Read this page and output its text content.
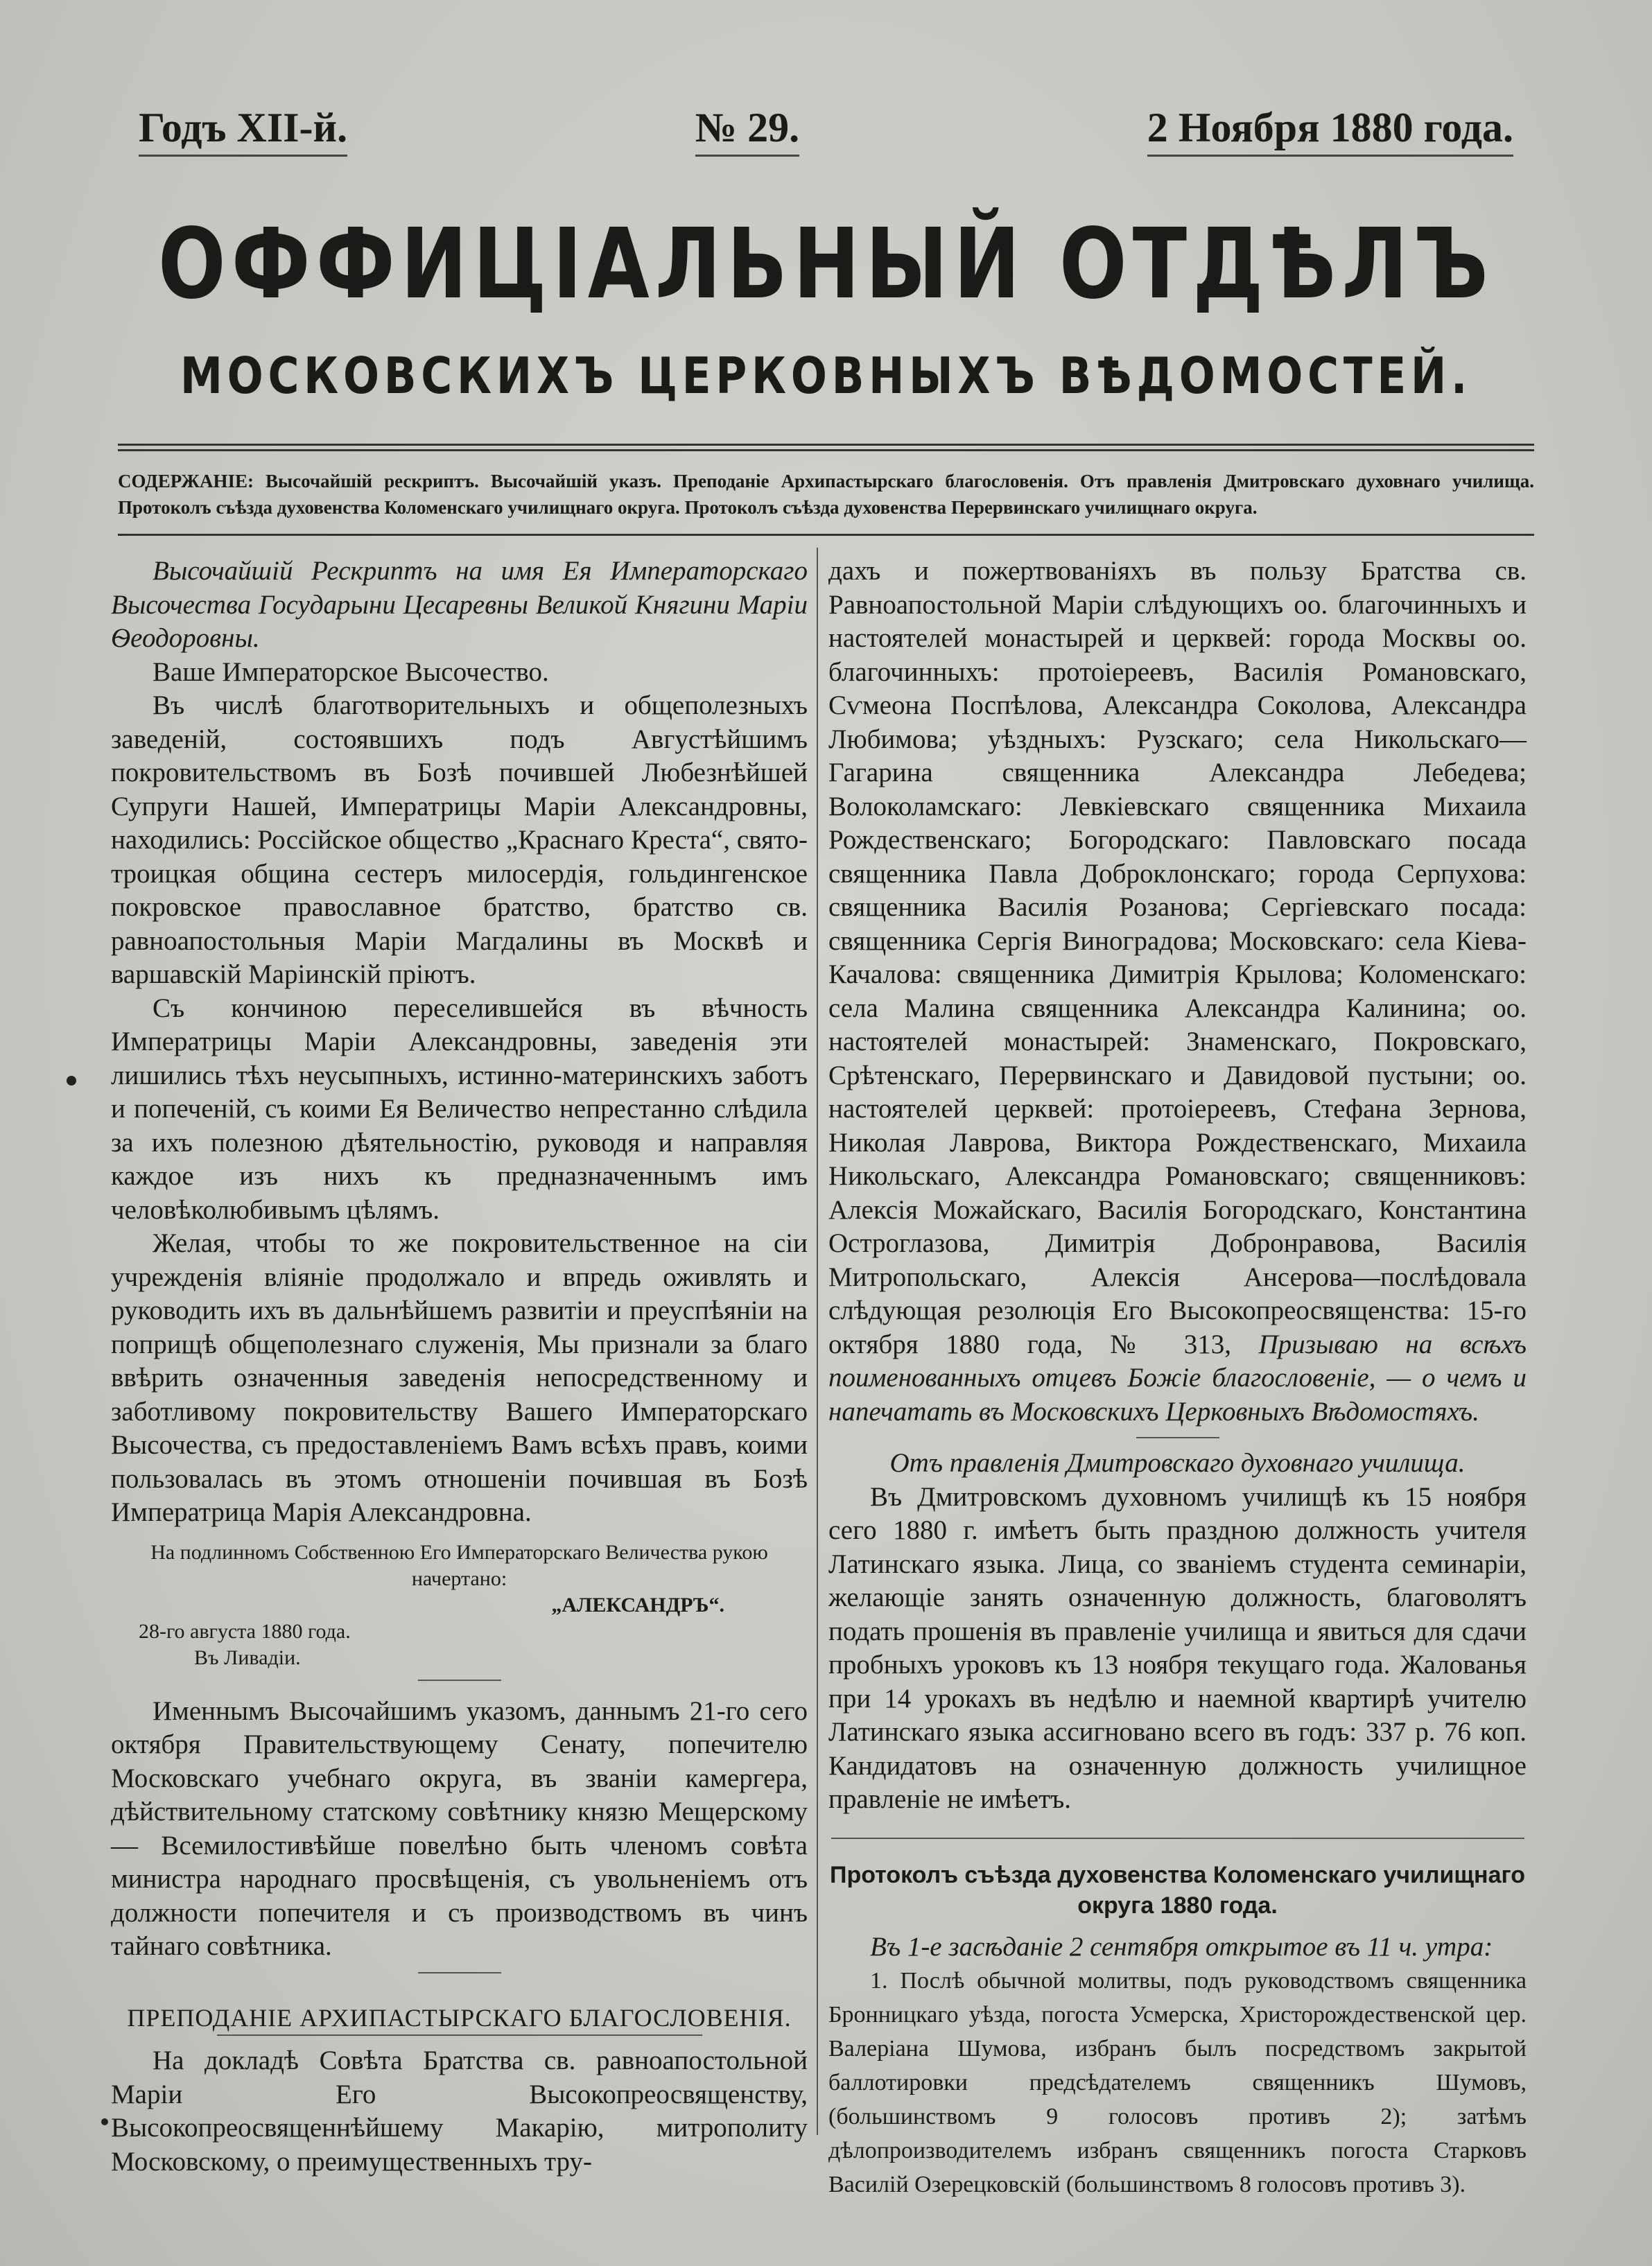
Годъ XII-й.	№ 29.	2 Ноября 1880 года.
ОФФИЦІАЛЬНЫЙ ОТДѢЛЪ
МОСКОВСКИХЪ ЦЕРКОВНЫХЪ ВѢДОМОСТЕЙ.
СОДЕРЖАНІЕ: Высочайшій рескриптъ. Высочайшій указъ. Преподаніе Архипастырскаго благословенія. Отъ правленія Дмитровскаго духовнаго училища. Протоколъ съѣзда духовенства Коломенскаго училищнаго округа. Протоколъ съѣзда духовенства Перервинскаго училищнаго округа.

Высочайшій Рескриптъ на имя Ея Императорскаго Высочества Государыни Цесаревны Великой Княгини Маріи Ѳеодоровны.

Ваше Императорское Высочество.

Въ числѣ благотворительныхъ и общеполезныхъ заведеній, состоявшихъ подъ Августѣйшимъ покровительствомъ въ Бозѣ почившей Любезнѣйшей Супруги Нашей, Императрицы Маріи Александровны, находились: Россійское общество „Краснаго Креста“, свято-троицкая община сестеръ милосердія, гольдингенское покровское православное братство, братство св. равноапостольныя Маріи Магдалины въ Москвѣ и варшавскій Маріинскій пріютъ.

Съ кончиною переселившейся въ вѣчность Императрицы Маріи Александровны, заведенія эти лишились тѣхъ неусыпныхъ, истинно-материнскихъ заботъ и попеченій, съ коими Ея Величество непрестанно слѣдила за ихъ полезною дѣятельностію, руководя и направляя каждое изъ нихъ къ предназначеннымъ имъ человѣколюбивымъ цѣлямъ.

Желая, чтобы то же покровительственное на сіи учрежденія вліяніе продолжало и впредь оживлять и руководить ихъ въ дальнѣйшемъ развитіи и преуспѣяніи на поприщѣ общеполезнаго служенія, Мы признали за благо ввѣрить означенныя заведенія непосредственному и заботливому покровительству Вашего Императорскаго Высочества, съ предоставленіемъ Вамъ всѣхъ правъ, коими пользовалась въ этомъ отношеніи почившая въ Бозѣ Императрица Марія Александровна.

На подлинномъ Собственною Его Императорскаго Величества рукою начертано:

„АЛЕКСАНДРЪ“.

28-го августа 1880 года.

Въ Ливадіи.

Именнымъ Высочайшимъ указомъ, даннымъ 21-го сего октября Правительствующему Сенату, попечителю Московскаго учебнаго округа, въ званіи камергера, дѣйствительному статскому совѣтнику князю Мещерскому — Всемилостивѣйше повелѣно быть членомъ совѣта министра народнаго просвѣщенія, съ увольненіемъ отъ должности попечителя и съ производствомъ въ чинъ тайнаго совѣтника.

ПРЕПОДАНІЕ АРХИПАСТЫРСКАГО БЛАГОСЛОВЕНІЯ.

На докладѣ Совѣта Братства св. равноапостольной Маріи Его Высокопреосвященству, Высокопреосвященнѣйшему Макарію, митрополиту Московскому, о преимущественныхъ тру-

дахъ и пожертвованіяхъ въ пользу Братства св. Равноапостольной Маріи слѣдующихъ оо. благочинныхъ и настоятелей монастырей и церквей: города Москвы оо. благочинныхъ: протоіереевъ, Василія Романовскаго, Сѵмеона Поспѣлова, Александра Соколова, Александра Любимова; уѣздныхъ: Рузскаго; села Никольскаго—Гагарина священника Александра Лебедева; Волоколамскаго: Левкіевскаго священника Михаила Рождественскаго; Богородскаго: Павловскаго посада священника Павла Доброклонскаго; города Серпухова: священника Василія Розанова; Сергіевскаго посада: священника Сергія Виноградова; Московскаго: села Кіева-Качалова: священника Димитрія Крылова; Коломенскаго: села Малина священника Александра Калинина; оо. настоятелей монастырей: Знаменскаго, Покровскаго, Срѣтенскаго, Перервинскаго и Давидовой пустыни; оо. настоятелей церквей: протоіереевъ, Стефана Зернова, Николая Лаврова, Виктора Рождественскаго, Михаила Никольскаго, Александра Романовскаго; священниковъ: Алексія Можайскаго, Василія Богородскаго, Константина Остроглазова, Димитрія Добронравова, Василія Митропольскаго, Алексія Ансерова—послѣдовала слѣдующая резолюція Его Высокопреосвященства: 15-го октября 1880 года, № 313, Призываю на всѣхъ поименованныхъ отцевъ Божіе благословеніе, — о чемъ и напечатать въ Московскихъ Церковныхъ Вѣдомостяхъ.

Отъ правленія Дмитровскаго духовнаго училища.

Въ Дмитровскомъ духовномъ училищѣ къ 15 ноября сего 1880 г. имѣетъ быть праздною должность учителя Латинскаго языка. Лица, со званіемъ студента семинаріи, желающіе занять означенную должность, благоволятъ подать прошенія въ правленіе училища и явиться для сдачи пробныхъ уроковъ къ 13 ноября текущаго года. Жалованья при 14 урокахъ въ недѣлю и наемной квартирѣ учителю Латинскаго языка ассигновано всего въ годъ: 337 р. 76 коп. Кандидатовъ на означенную должность училищное правленіе не имѣетъ.

Протоколъ съѣзда духовенства Коломенскаго училищнаго округа 1880 года.

Въ 1-е засѣданіе 2 сентября открытое въ 11 ч. утра:

1. Послѣ обычной молитвы, подъ руководствомъ священника Бронницкаго уѣзда, погоста Усмерска, Христорождественской цер. Валеріана Шумова, избранъ былъ посредствомъ закрытой баллотировки предсѣдателемъ священникъ Шумовъ, (большинствомъ 9 голосовъ противъ 2); затѣмъ дѣлопроизводителемъ избранъ священникъ погоста Старковъ Василій Озерецковскій (большинствомъ 8 голосовъ противъ 3).
